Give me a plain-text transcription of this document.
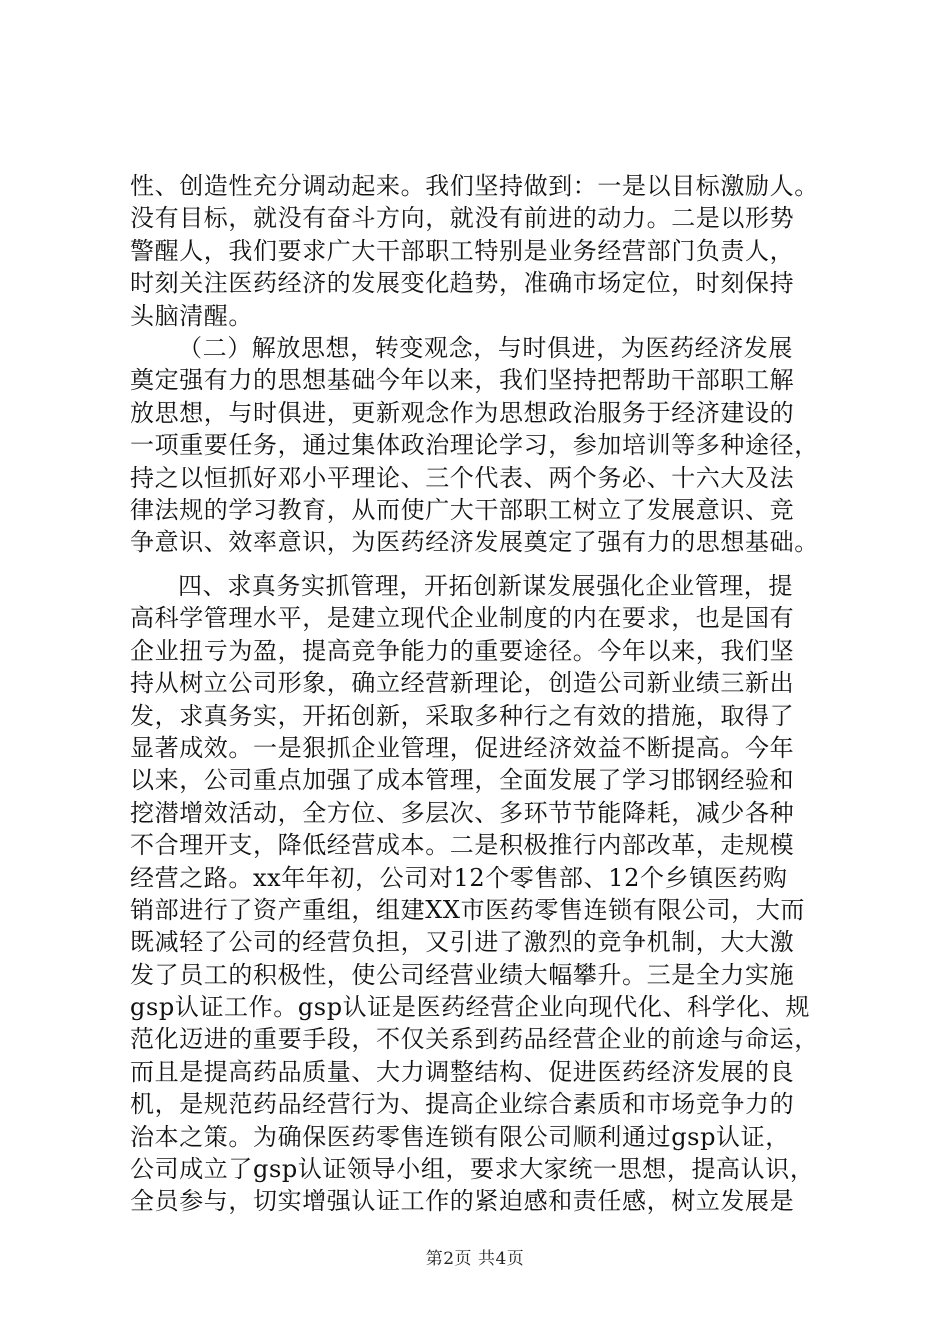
性、创造性充分调动起来。我们坚持做到：一是以目标激励人。
没有目标，就没有奋斗方向，就没有前进的动力。二是以形势
警醒人，我们要求广大干部职工特别是业务经营部门负责人，
时刻关注医药经济的发展变化趋势，准确市场定位，时刻保持
头脑清醒。
（二）解放思想，转变观念，与时俱进，为医药经济发展
奠定强有力的思想基础今年以来，我们坚持把帮助干部职工解
放思想，与时俱进，更新观念作为思想政治服务于经济建设的
一项重要任务，通过集体政治理论学习，参加培训等多种途径，
持之以恒抓好邓小平理论、三个代表、两个务必、十六大及法
律法规的学习教育，从而使广大干部职工树立了发展意识、竞
争意识、效率意识，为医药经济发展奠定了强有力的思想基础。
四、求真务实抓管理，开拓创新谋发展强化企业管理，提
高科学管理水平，是建立现代企业制度的内在要求，也是国有
企业扭亏为盈，提高竞争能力的重要途径。今年以来，我们坚
持从树立公司形象，确立经营新理论，创造公司新业绩三新出
发，求真务实，开拓创新，采取多种行之有效的措施，取得了
显著成效。一是狠抓企业管理，促进经济效益不断提高。今年
以来，公司重点加强了成本管理，全面发展了学习邯钢经验和
挖潜增效活动，全方位、多层次、多环节节能降耗，减少各种
不合理开支，降低经营成本。二是积极推行内部改革，走规模
经营之路。xx年年初，公司对12个零售部、12个乡镇医药购
销部进行了资产重组，组建XX市医药零售连锁有限公司，大而
既减轻了公司的经营负担，又引进了激烈的竞争机制，大大激
发了员工的积极性，使公司经营业绩大幅攀升。三是全力实施
gsp认证工作。gsp认证是医药经营企业向现代化、科学化、规
范化迈进的重要手段，不仅关系到药品经营企业的前途与命运，
而且是提高药品质量、大力调整结构、促进医药经济发展的良
机，是规范药品经营行为、提高企业综合素质和市场竞争力的
治本之策。为确保医药零售连锁有限公司顺利通过gsp认证，
公司成立了gsp认证领导小组，要求大家统一思想，提高认识，
全员参与，切实增强认证工作的紧迫感和责任感，树立发展是
第2页 共4页
